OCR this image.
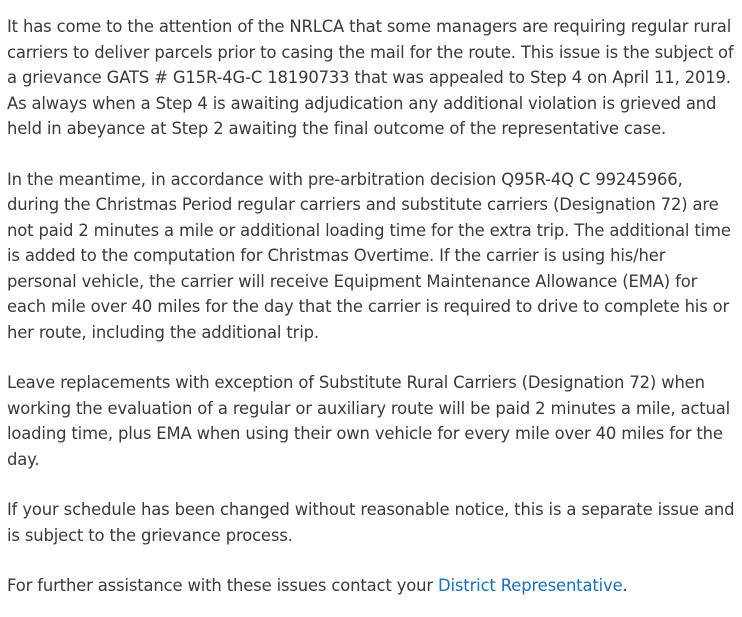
It has come to the attention of the NRLCA that some managers are requiring regular rural carriers to deliver parcels prior to casing the mail for the route. This issue is the subject of a grievance GATS # G15R-4G-C 18190733 that was appealed to Step 4 on April 11, 2019. As always when a Step 4 is awaiting adjudication any additional violation is grieved and held in abeyance at Step 2 awaiting the final outcome of the representative case.

In the meantime, in accordance with pre-arbitration decision Q95R-4Q C 99245966, during the Christmas Period regular carriers and substitute carriers (Designation 72) are not paid 2 minutes a mile or additional loading time for the extra trip. The additional time is added to the computation for Christmas Overtime. If the carrier is using his/her personal vehicle, the carrier will receive Equipment Maintenance Allowance (EMA) for each mile over 40 miles for the day that the carrier is required to drive to complete his or her route, including the additional trip.

Leave replacements with exception of Substitute Rural Carriers (Designation 72) when working the evaluation of a regular or auxiliary route will be paid 2 minutes a mile, actual loading time, plus EMA when using their own vehicle for every mile over 40 miles for the day.

If your schedule has been changed without reasonable notice, this is a separate issue and is subject to the grievance process.

For further assistance with these issues contact your District Representative.
